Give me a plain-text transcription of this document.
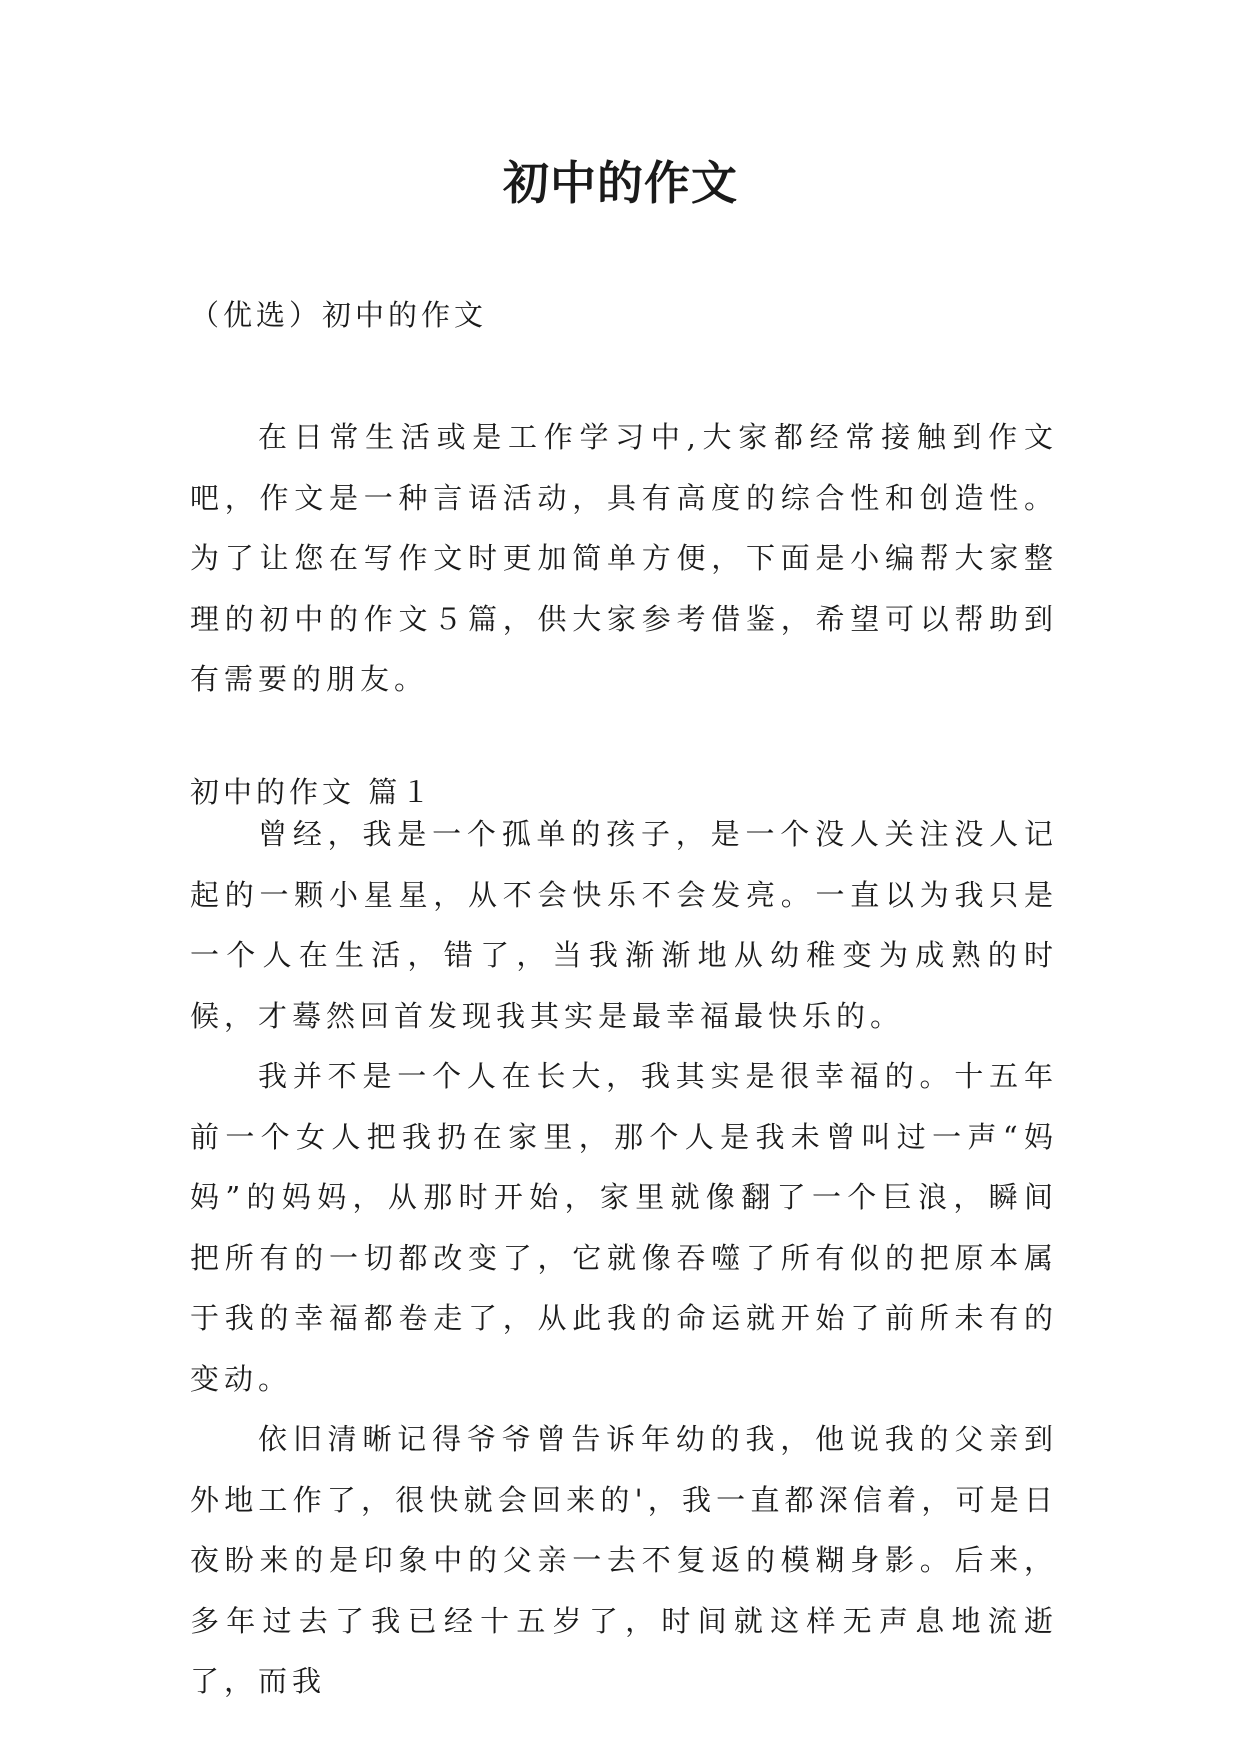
初中的作文
（优选）初中的作文

在日常生活或是工作学习中,大家都经常接触到作文吧，作文是一种言语活动，具有高度的综合性和创造性。为了让您在写作文时更加简单方便，下面是小编帮大家整理的初中的作文５篇，供大家参考借鉴，希望可以帮助到有需要的朋友。

初中的作文 篇１

曾经，我是一个孤单的孩子，是一个没人关注没人记起的一颗小星星，从不会快乐不会发亮。一直以为我只是一个人在生活，错了，当我渐渐地从幼稚变为成熟的时候，才蓦然回首发现我其实是最幸福最快乐的。

我并不是一个人在长大，我其实是很幸福的。十五年前一个女人把我扔在家里，那个人是我未曾叫过一声“妈妈”的妈妈，从那时开始，家里就像翻了一个巨浪，瞬间把所有的一切都改变了，它就像吞噬了所有似的把原本属于我的幸福都卷走了，从此我的命运就开始了前所未有的变动。

依旧清晰记得爷爷曾告诉年幼的我，他说我的父亲到外地工作了，很快就会回来的'，我一直都深信着，可是日夜盼来的是印象中的父亲一去不复返的模糊身影。后来，多年过去了我已经十五岁了，时间就这样无声息地流逝了，而我
